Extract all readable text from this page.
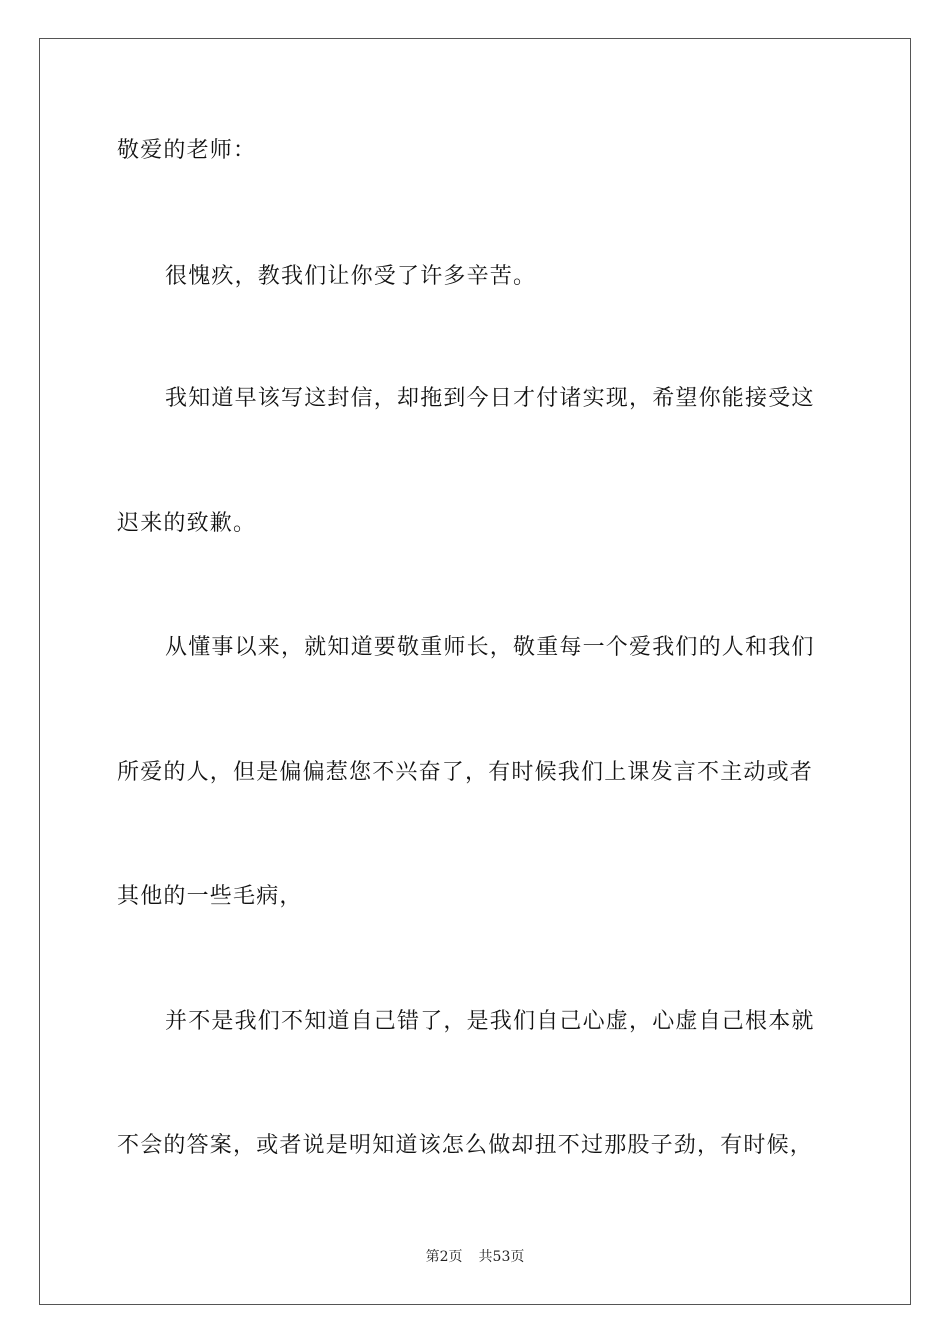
敬爱的老师：
很愧疚，教我们让你受了许多辛苦。
我知道早该写这封信，却拖到今日才付诸实现，希望你能接受这
迟来的致歉。
从懂事以来，就知道要敬重师长，敬重每一个爱我们的人和我们
所爱的人，但是偏偏惹您不兴奋了，有时候我们上课发言不主动或者
其他的一些毛病，
并不是我们不知道自己错了，是我们自己心虚，心虚自己根本就
不会的答案，或者说是明知道该怎么做却扭不过那股子劲，有时候，
第2页 共53页
